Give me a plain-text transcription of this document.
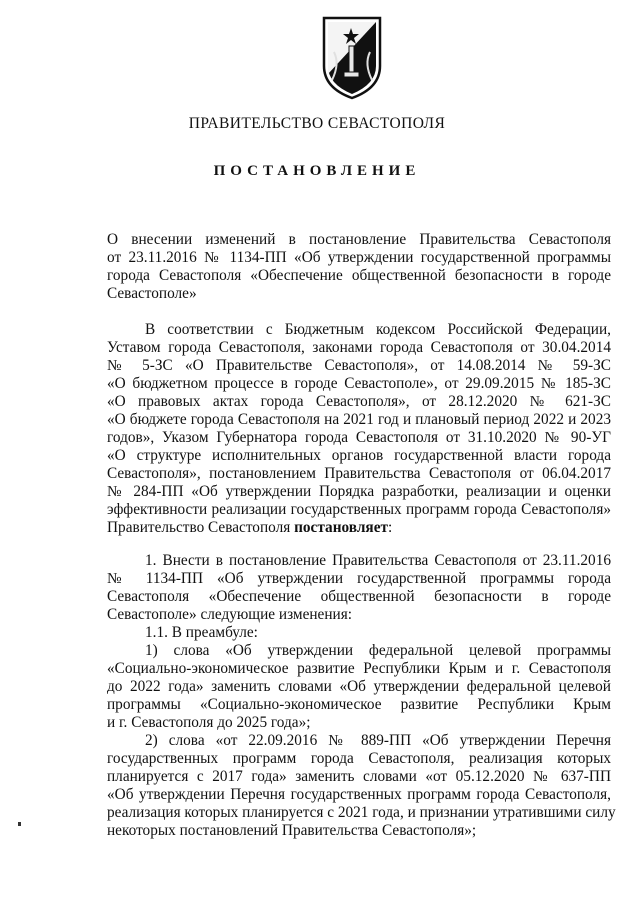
ПРАВИТЕЛЬСТВО СЕВАСТОПОЛЯ
ПОСТАНОВЛЕНИЕ
О внесении изменений в постановление Правительства Севастополя
от 23.11.2016 № 1134-ПП «Об утверждении государственной программы
города Севастополя «Обеспечение общественной безопасности в городе
Севастополе»
В соответствии с Бюджетным кодексом Российской Федерации,
Уставом города Севастополя, законами города Севастополя от 30.04.2014
№ 5-ЗС «О Правительстве Севастополя», от 14.08.2014 № 59-ЗС
«О бюджетном процессе в городе Севастополе», от 29.09.2015 № 185-ЗС
«О правовых актах города Севастополя», от 28.12.2020 № 621-ЗС
«О бюджете города Севастополя на 2021 год и плановый период 2022 и 2023
годов», Указом Губернатора города Севастополя от 31.10.2020 № 90-УГ
«О структуре исполнительных органов государственной власти города
Севастополя», постановлением Правительства Севастополя от 06.04.2017
№ 284-ПП «Об утверждении Порядка разработки, реализации и оценки
эффективности реализации государственных программ города Севастополя»
Правительство Севастополя постановляет:
1. Внести в постановление Правительства Севастополя от 23.11.2016
№ 1134-ПП «Об утверждении государственной программы города
Севастополя «Обеспечение общественной безопасности в городе
Севастополе» следующие изменения:
1.1. В преамбуле:
1) слова «Об утверждении федеральной целевой программы
«Социально-экономическое развитие Республики Крым и г. Севастополя
до 2022 года» заменить словами «Об утверждении федеральной целевой
программы «Социально-экономическое развитие Республики Крым
и г. Севастополя до 2025 года»;
2) слова «от 22.09.2016 № 889-ПП «Об утверждении Перечня
государственных программ города Севастополя, реализация которых
планируется с 2017 года» заменить словами «от 05.12.2020 № 637-ПП
«Об утверждении Перечня государственных программ города Севастополя,
реализация которых планируется с 2021 года, и признании утратившими силу
некоторых постановлений Правительства Севастополя»;
